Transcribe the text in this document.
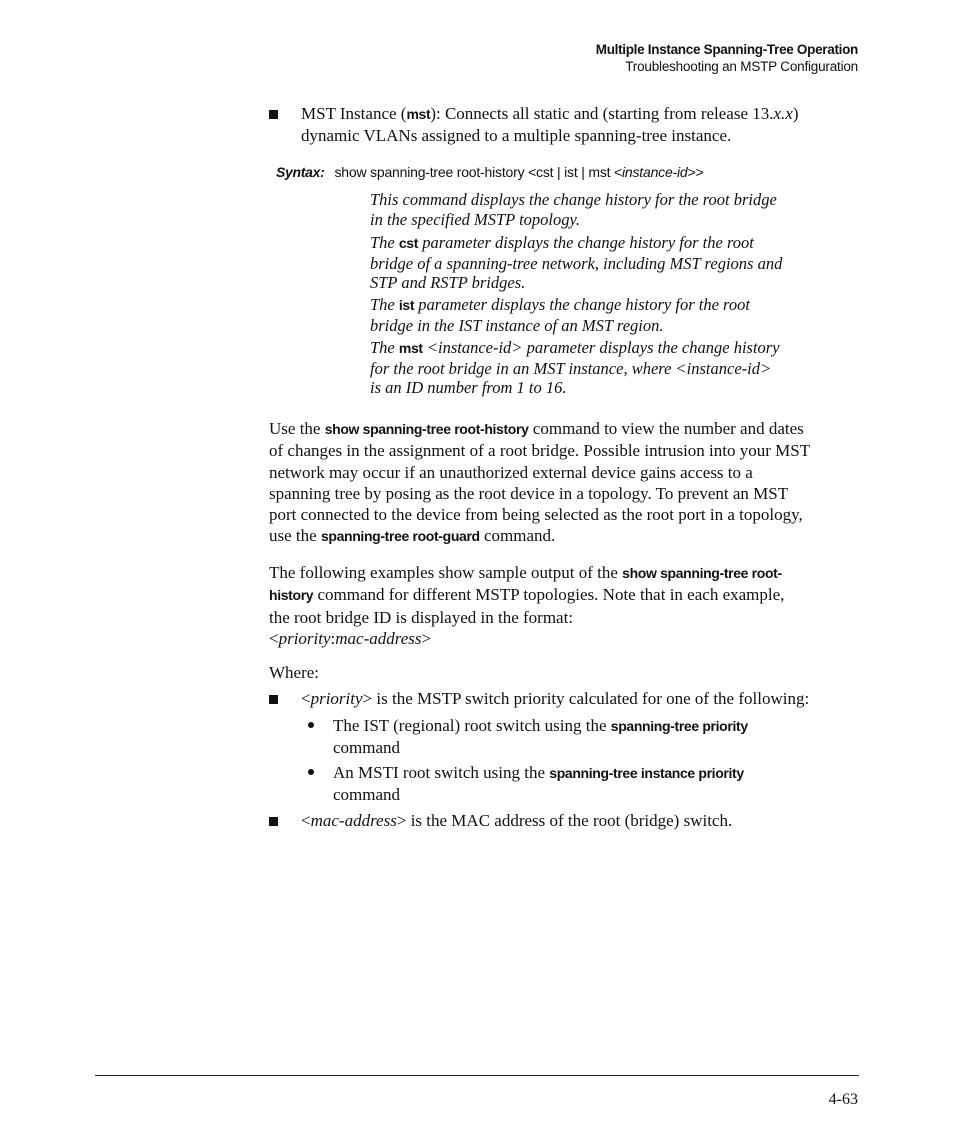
Multiple Instance Spanning-Tree Operation
Troubleshooting an MSTP Configuration
MST Instance (mst): Connects all static and (starting from release 13.x.x)
dynamic VLANs assigned to a multiple spanning-tree instance.
Syntax: show spanning-tree root-history <cst | ist | mst <instance-id>>
This command displays the change history for the root bridge
in the specified MSTP topology.
The cst parameter displays the change history for the root
bridge of a spanning-tree network, including MST regions and
STP and RSTP bridges.
The ist parameter displays the change history for the root
bridge in the IST instance of an MST region.
The mst <instance-id> parameter displays the change history
for the root bridge in an MST instance, where <instance-id>
is an ID number from 1 to 16.
Use the show spanning-tree root-history command to view the number and dates
of changes in the assignment of a root bridge. Possible intrusion into your MST
network may occur if an unauthorized external device gains access to a
spanning tree by posing as the root device in a topology. To prevent an MST
port connected to the device from being selected as the root port in a topology,
use the spanning-tree root-guard command.
The following examples show sample output of the show spanning-tree root-
history command for different MSTP topologies. Note that in each example,
the root bridge ID is displayed in the format:
<priority:mac-address>
Where:
<priority> is the MSTP switch priority calculated for one of the following:
The IST (regional) root switch using the spanning-tree priority
command
An MSTI root switch using the spanning-tree instance priority
command
<mac-address> is the MAC address of the root (bridge) switch.
4-63
